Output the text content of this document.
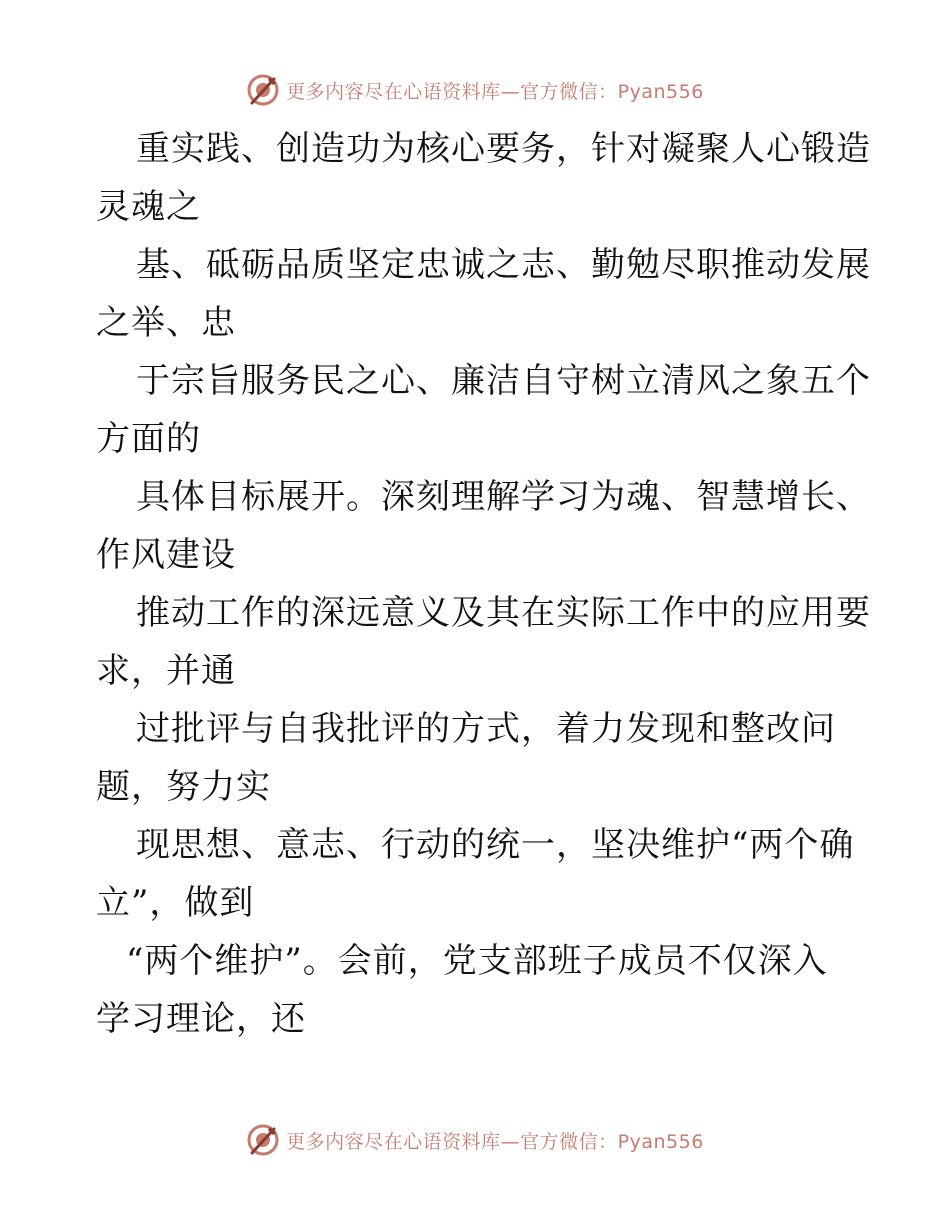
更多内容尽在心语资料库—官方微信：Pyan556
重实践、创造功为核心要务，针对凝聚人心锻造
灵魂之
基、砥砺品质坚定忠诚之志、勤勉尽职推动发展
之举、忠
于宗旨服务民之心、廉洁自守树立清风之象五个
方面的
具体目标展开。深刻理解学习为魂、智慧增长、
作风建设
推动工作的深远意义及其在实际工作中的应用要
求，并通
过批评与自我批评的方式，着力发现和整改问
题，努力实
现思想、意志、行动的统一，坚决维护“两个确
立”，做到
“两个维护”。会前，党支部班子成员不仅深入
学习理论，还
更多内容尽在心语资料库—官方微信：Pyan556
